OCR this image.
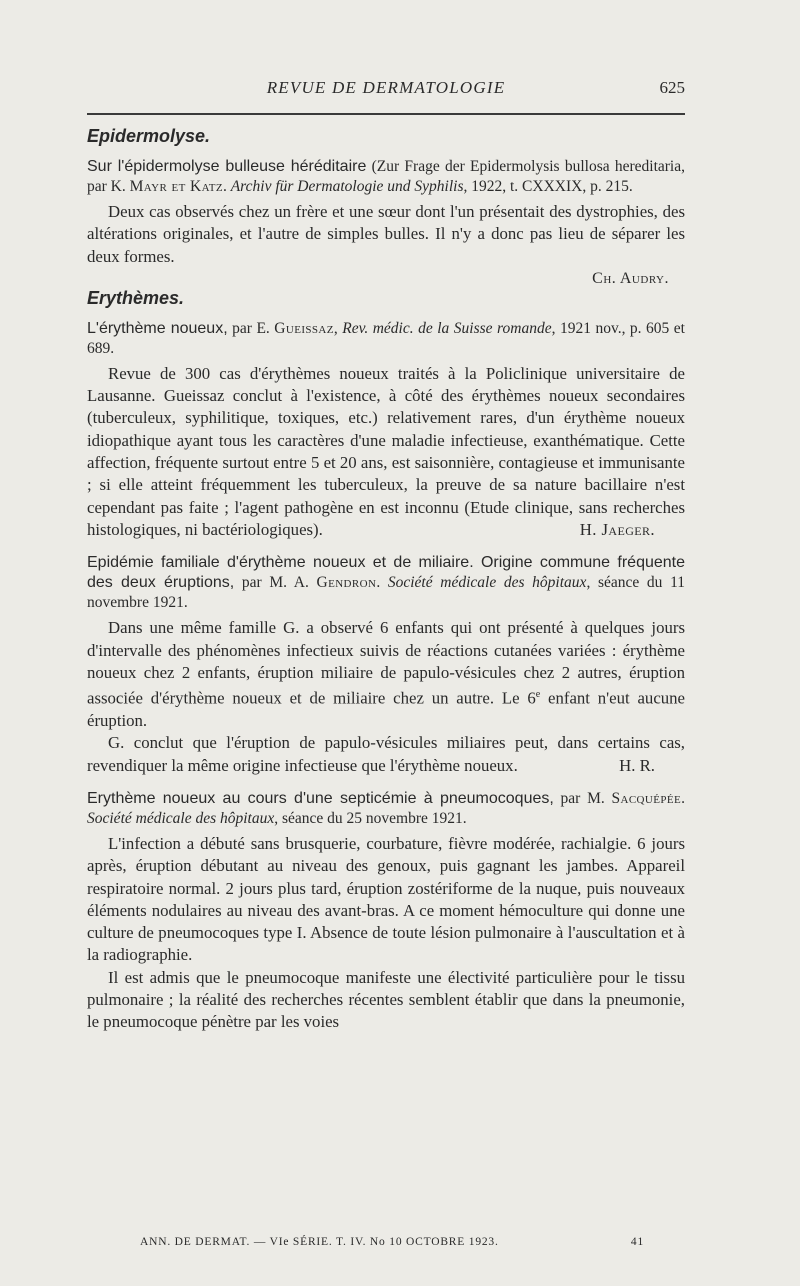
REVUE DE DERMATOLOGIE	625
Epidermolyse.
Sur l'épidermolyse bulleuse héréditaire (Zur Frage der Epidermolysis bullosa hereditaria, par K. Mayr et Katz. Archiv für Dermatologie und Syphilis, 1922, t. CXXXIX, p. 215.

Deux cas observés chez un frère et une sœur dont l'un présentait des dystrophies, des altérations originales, et l'autre de simples bulles. Il n'y a donc pas lieu de séparer les deux formes.

Ch. Audry.
Erythèmes.
L'érythème noueux, par E. Gueissaz, Rev. médic. de la Suisse romande, 1921 nov., p. 605 et 689.

Revue de 300 cas d'érythèmes noueux traités à la Policlinique universitaire de Lausanne. Gueissaz conclut à l'existence, à côté des érythèmes noueux secondaires (tuberculeux, syphilitique, toxiques, etc.) relativement rares, d'un érythème noueux idiopathique ayant tous les caractères d'une maladie infectieuse, exanthématique. Cette affection, fréquente surtout entre 5 et 20 ans, est saisonnière, contagieuse et immunisante ; si elle atteint fréquemment les tuberculeux, la preuve de sa nature bacillaire n'est cependant pas faite ; l'agent pathogène en est inconnu (Etude clinique, sans recherches histologiques, ni bactériologiques).	H. Jaeger.

Epidémie familiale d'érythème noueux et de miliaire. Origine commune fréquente des deux éruptions, par M. A. Gendron. Société médicale des hôpitaux, séance du 11 novembre 1921.

Dans une même famille G. a observé 6 enfants qui ont présenté à quelques jours d'intervalle des phénomènes infectieux suivis de réactions cutanées variées : érythème noueux chez 2 enfants, éruption miliaire de papulo-vésicules chez 2 autres, éruption associée d'érythème noueux et de miliaire chez un autre. Le 6e enfant n'eut aucune éruption.

G. conclut que l'éruption de papulo-vésicules miliaires peut, dans certains cas, revendiquer la même origine infectieuse que l'érythème noueux.	H. R.

Erythème noueux au cours d'une septicémie à pneumocoques, par M. Sacquépée. Société médicale des hôpitaux, séance du 25 novembre 1921.

L'infection a débuté sans brusquerie, courbature, fièvre modérée, rachialgie. 6 jours après, éruption débutant au niveau des genoux, puis gagnant les jambes. Appareil respiratoire normal. 2 jours plus tard, éruption zostériforme de la nuque, puis nouveaux éléments nodulaires au niveau des avant-bras. A ce moment hémoculture qui donne une culture de pneumocoques type I. Absence de toute lésion pulmonaire à l'auscultation et à la radiographie.

Il est admis que le pneumocoque manifeste une électivité particulière pour le tissu pulmonaire ; la réalité des recherches récentes semblent établir que dans la pneumonie, le pneumocoque pénètre par les voies

ANN. DE DERMAT. — VIe SÉRIE. T. IV. No 10 OCTOBRE 1923.	41
